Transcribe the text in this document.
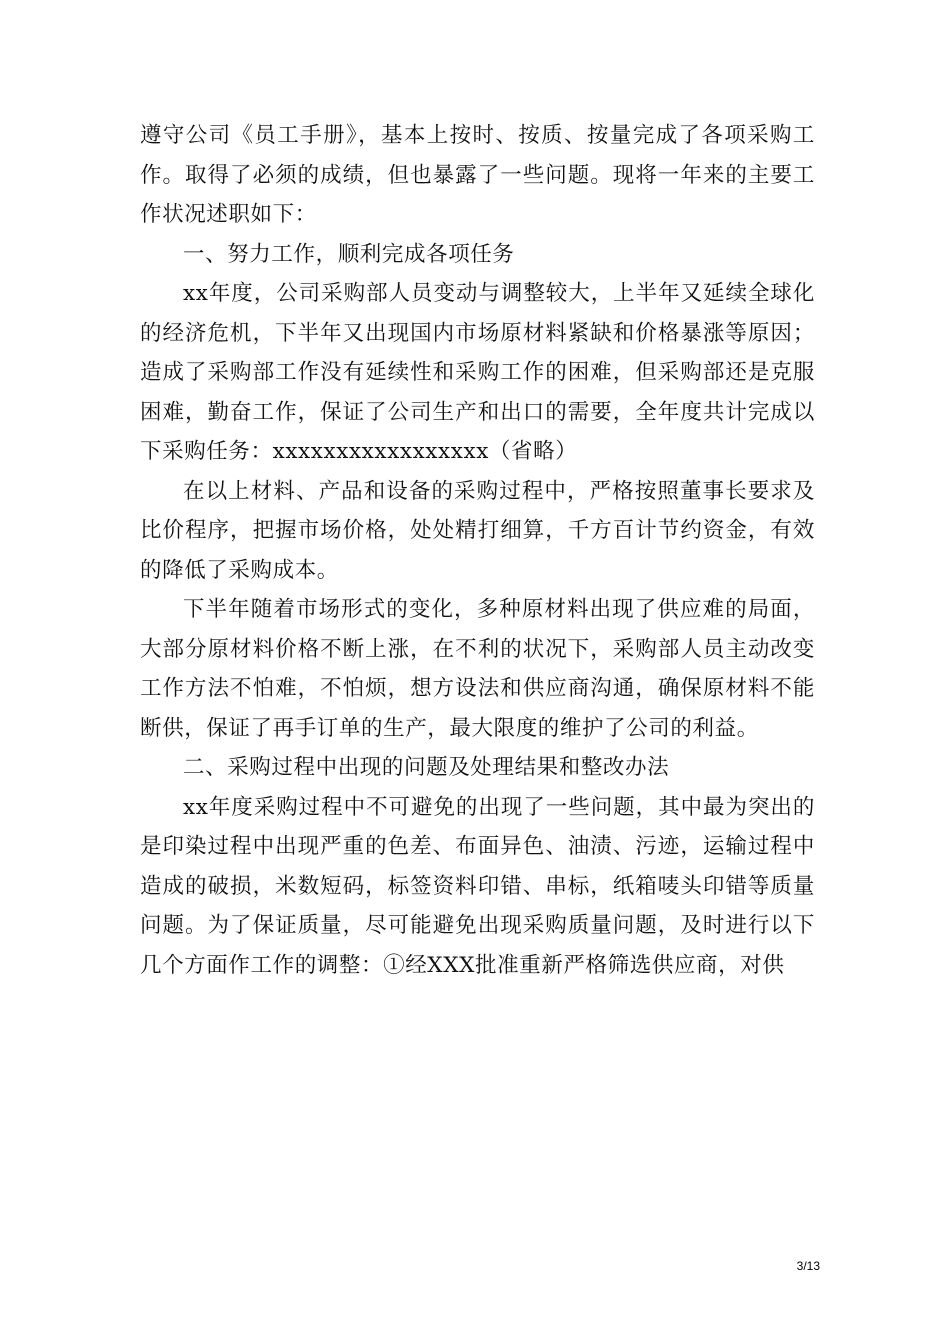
遵守公司《员工手册》，基本上按时、按质、按量完成了各项采购工作。取得了必须的成绩，但也暴露了一些问题。现将一年来的主要工作状况述职如下：

一、努力工作，顺利完成各项任务

xx年度，公司采购部人员变动与调整较大，上半年又延续全球化的经济危机，下半年又出现国内市场原材料紧缺和价格暴涨等原因；造成了采购部工作没有延续性和采购工作的困难，但采购部还是克服困难，勤奋工作，保证了公司生产和出口的需要，全年度共计完成以下采购任务：xxxxxxxxxxxxxxxxx（省略）

在以上材料、产品和设备的采购过程中，严格按照董事长要求及比价程序，把握市场价格，处处精打细算，千方百计节约资金，有效的降低了采购成本。

下半年随着市场形式的变化，多种原材料出现了供应难的局面，大部分原材料价格不断上涨，在不利的状况下，采购部人员主动改变工作方法不怕难，不怕烦，想方设法和供应商沟通，确保原材料不能断供，保证了再手订单的生产，最大限度的维护了公司的利益。

二、采购过程中出现的问题及处理结果和整改办法

xx年度采购过程中不可避免的出现了一些问题，其中最为突出的是印染过程中出现严重的色差、布面异色、油渍、污迹，运输过程中造成的破损，米数短码，标签资料印错、串标，纸箱唛头印错等质量问题。为了保证质量，尽可能避免出现采购质量问题，及时进行以下几个方面作工作的调整：①经XXX批准重新严格筛选供应商，对供

3/13
